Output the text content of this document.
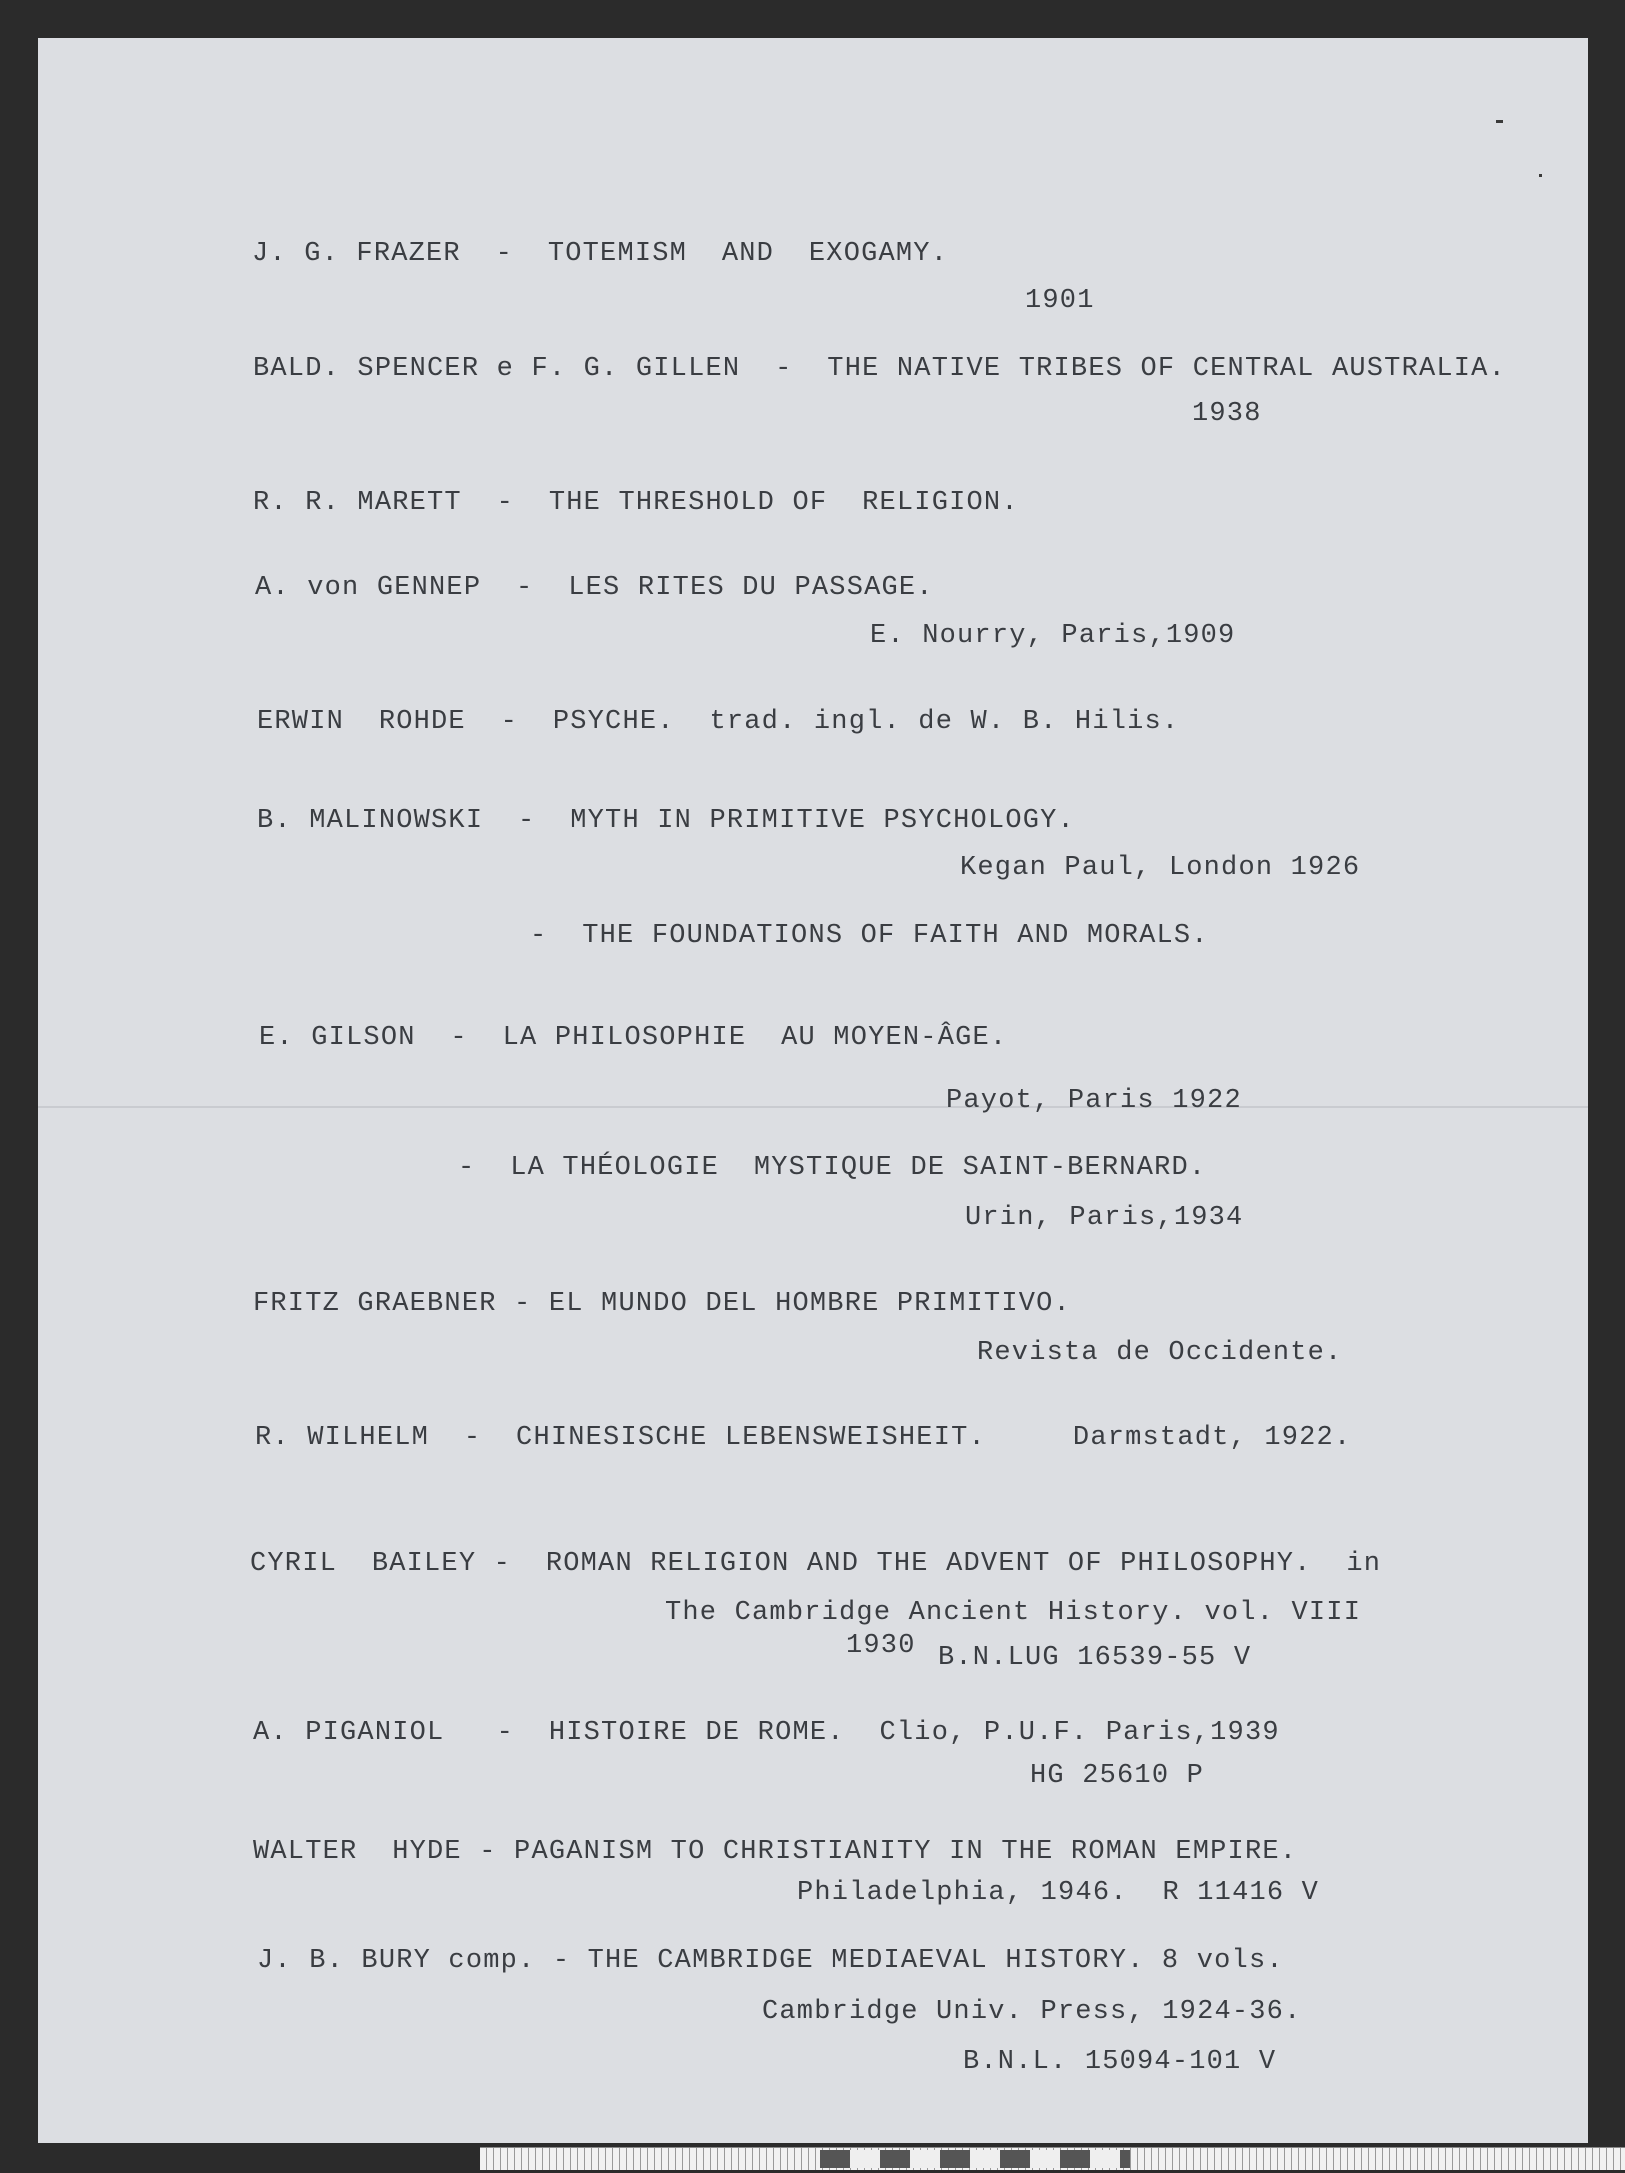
J. G. FRAZER  -  TOTEMISM  AND  EXOGAMY.
1901
BALD. SPENCER e F. G. GILLEN  -  THE NATIVE TRIBES OF CENTRAL AUSTRALIA.
1938
R. R. MARETT  -  THE THRESHOLD OF  RELIGION.
A. von GENNEP  -  LES RITES DU PASSAGE.
E. Nourry, Paris,1909
ERWIN  ROHDE  -  PSYCHE.  trad. ingl. de W. B. Hilis.
B. MALINOWSKI  -  MYTH IN PRIMITIVE PSYCHOLOGY.
Kegan Paul, London 1926
-  THE FOUNDATIONS OF FAITH AND MORALS.
E. GILSON  -  LA PHILOSOPHIE  AU MOYEN-ÂGE.
Payot, Paris 1922
-  LA THÉOLOGIE  MYSTIQUE DE SAINT-BERNARD.
Urin, Paris,1934
FRITZ GRAEBNER - EL MUNDO DEL HOMBRE PRIMITIVO.
Revista de Occidente.
R. WILHELM  -  CHINESISCHE LEBENSWEISHEIT.     Darmstadt, 1922.
CYRIL  BAILEY -  ROMAN RELIGION AND THE ADVENT OF PHILOSOPHY.  in
The Cambridge Ancient History. vol. VIII
1930 B.N.LUG 16539-55 V
A. PIGANIOL   -  HISTOIRE DE ROME.  Clio, P.U.F. Paris,1939
HG 25610 P
WALTER  HYDE - PAGANISM TO CHRISTIANITY IN THE ROMAN EMPIRE.
Philadelphia, 1946.  R 11416 V
J. B. BURY comp. - THE CAMBRIDGE MEDIAEVAL HISTORY. 8 vols.
Cambridge Univ. Press, 1924-36.
B.N.L. 15094-101 V
